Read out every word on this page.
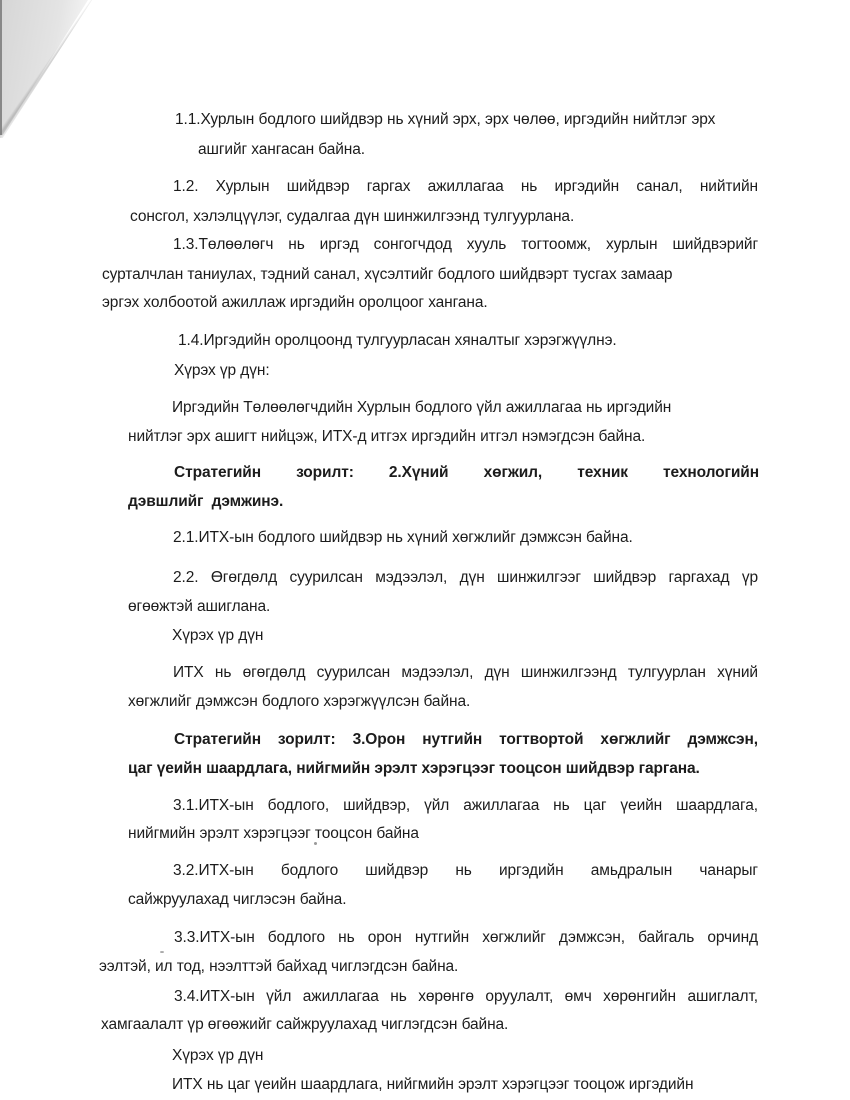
1.1.Хурлын бодлого шийдвэр нь хүний эрх, эрх чөлөө, иргэдийн нийтлэг эрх
ашгийг хангасан байна.
1.2. Хурлын шийдвэр гаргах ажиллагаа нь иргэдийн санал, нийтийн
сонсгол, хэлэлцүүлэг, судалгаа дүн шинжилгээнд тулгуурлана.
1.3.Төлөөлөгч нь иргэд сонгогчдод хууль тогтоомж, хурлын шийдвэрийг
сурталчлан таниулах, тэдний санал, хүсэлтийг бодлого шийдвэрт тусгах замаар
эргэх холбоотой ажиллаж иргэдийн оролцоог хангана.
1.4.Иргэдийн оролцоонд тулгуурласан хяналтыг хэрэгжүүлнэ.
Хүрэх үр дүн:
Иргэдийн Төлөөлөгчдийн Хурлын бодлого үйл ажиллагаа нь иргэдийн
нийтлэг эрх ашигт нийцэж, ИТХ-д итгэх иргэдийн итгэл нэмэгдсэн байна.
Стратегийн зорилт: 2.Хүний хөгжил, техник технологийн
дэвшлийг дэмжинэ.
2.1.ИТХ-ын бодлого шийдвэр нь хүний хөгжлийг дэмжсэн байна.
2.2. Өгөгдөлд суурилсан мэдээлэл, дүн шинжилгээг шийдвэр гаргахад үр
өгөөжтэй ашиглана.
Хүрэх үр дүн
ИТХ нь өгөгдөлд суурилсан мэдээлэл, дүн шинжилгээнд тулгуурлан хүний
хөгжлийг дэмжсэн бодлого хэрэгжүүлсэн байна.
Стратегийн зорилт: 3.Орон нутгийн тогтвортой хөгжлийг дэмжсэн,
цаг үеийн шаардлага, нийгмийн эрэлт хэрэгцээг тооцсон шийдвэр гаргана.
3.1.ИТХ-ын бодлого, шийдвэр, үйл ажиллагаа нь цаг үеийн шаардлага,
нийгмийн эрэлт хэрэгцээг тооцсон байна
3.2.ИТХ-ын бодлого шийдвэр нь иргэдийн амьдралын чанарыг
сайжруулахад чиглэсэн байна.
3.3.ИТХ-ын бодлого нь орон нутгийн хөгжлийг дэмжсэн, байгаль орчинд
ээлтэй, ил тод, нээлттэй байхад чиглэгдсэн байна.
3.4.ИТХ-ын үйл ажиллагаа нь хөрөнгө оруулалт, өмч хөрөнгийн ашиглалт,
хамгаалалт үр өгөөжийг сайжруулахад чиглэгдсэн байна.
Хүрэх үр дүн
ИТХ нь цаг үеийн шаардлага, нийгмийн эрэлт хэрэгцээг тооцож иргэдийн
